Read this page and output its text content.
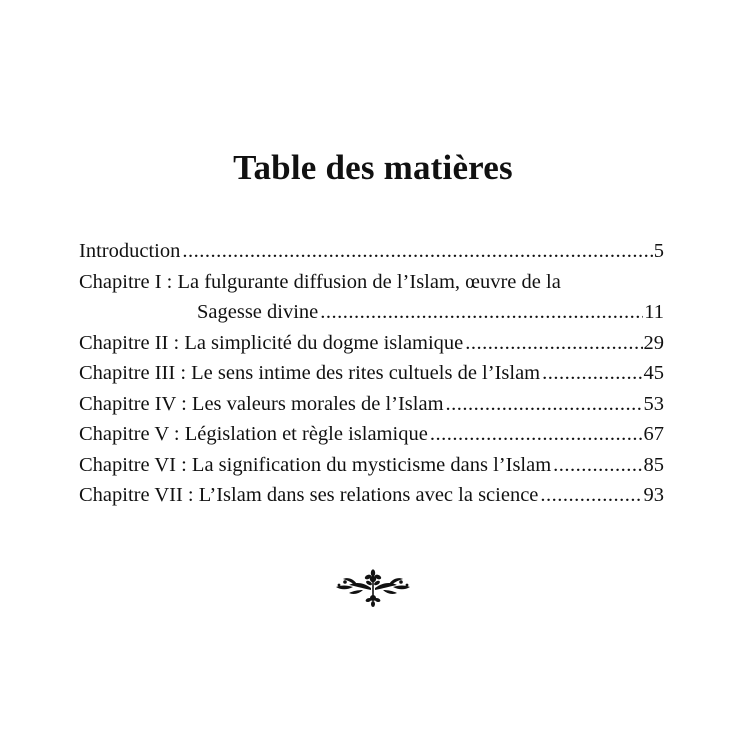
Table des matières
Introduction .....	5
Chapitre I : La fulgurante diffusion de l’Islam, œuvre de la
Sagesse divine .....	11
Chapitre II : La simplicité du dogme islamique .....	29
Chapitre III : Le sens intime des rites cultuels de l’Islam .....	45
Chapitre IV : Les valeurs morales de l’Islam .....	53
Chapitre V : Législation et règle islamique .....	67
Chapitre VI : La signification du mysticisme dans l’Islam .....	85
Chapitre VII : L’Islam dans ses relations avec la science .....	93
